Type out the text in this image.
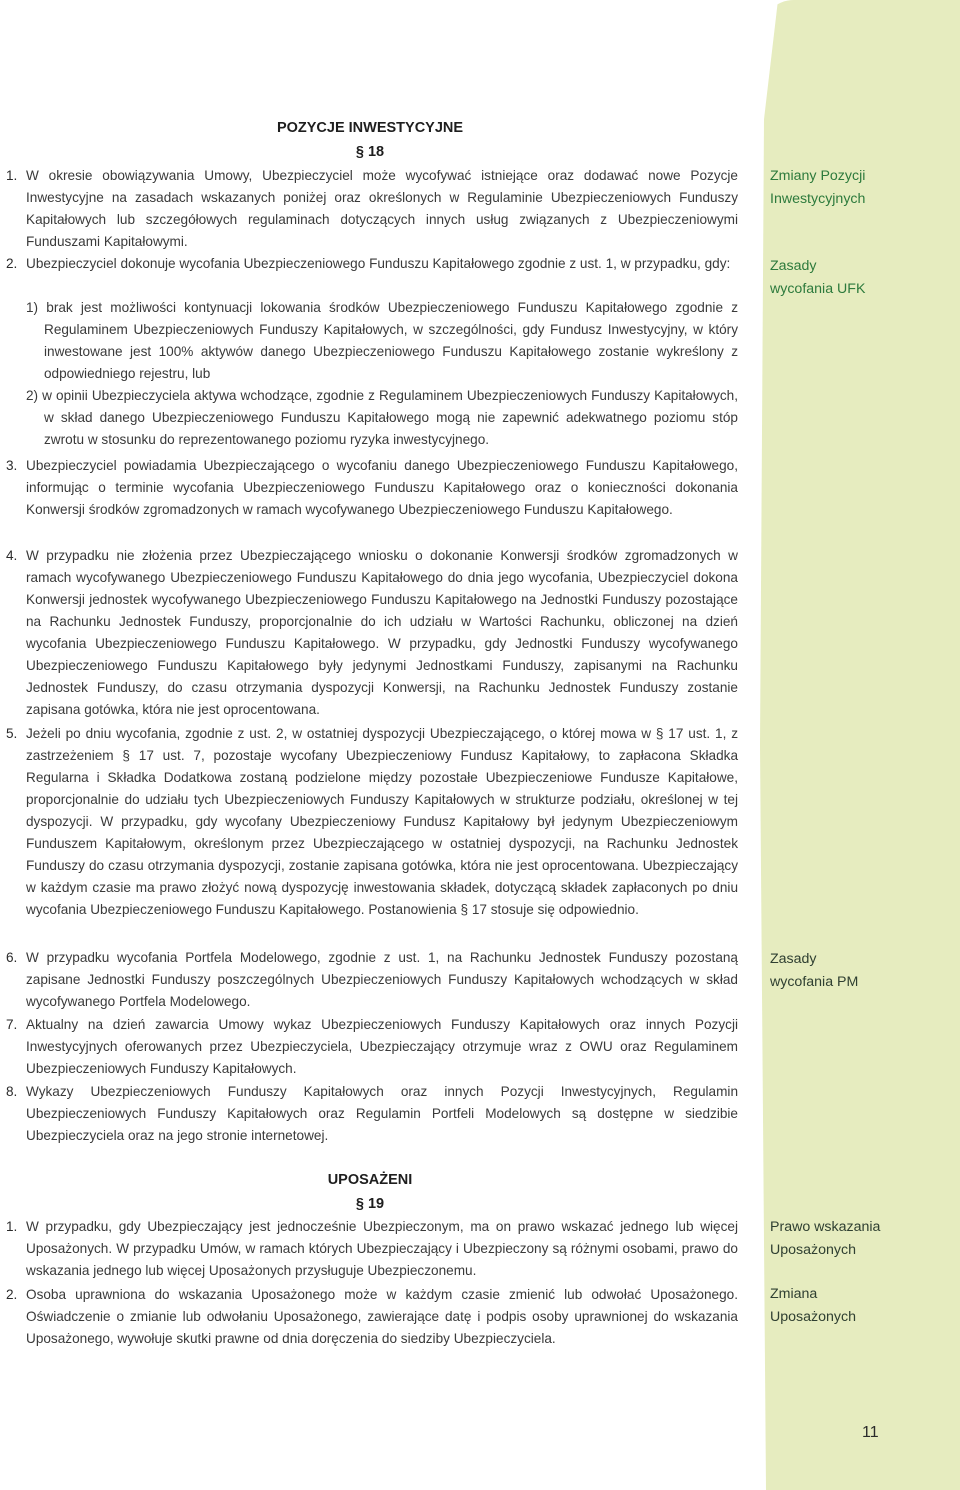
POZYCJE INWESTYCYJNE
§ 18
1. W okresie obowiązywania Umowy, Ubezpieczyciel może wycofywać istniejące oraz dodawać nowe Pozycje Inwestycyjne na zasadach wskazanych poniżej oraz określonych w Regulaminie Ubezpieczeniowych Funduszy Kapitałowych lub szczegółowych regulaminach dotyczących innych usług związanych z Ubezpieczeniowymi Funduszami Kapitałowymi.
2. Ubezpieczyciel dokonuje wycofania Ubezpieczeniowego Funduszu Kapitałowego zgodnie z ust. 1, w przypadku, gdy:
1) brak jest możliwości kontynuacji lokowania środków Ubezpieczeniowego Funduszu Kapitałowego zgodnie z Regulaminem Ubezpieczeniowych Funduszy Kapitałowych, w szczególności, gdy Fundusz Inwestycyjny, w który inwestowane jest 100% aktywów danego Ubezpieczeniowego Funduszu Kapitałowego zostanie wykreślony z odpowiedniego rejestru, lub
2) w opinii Ubezpieczyciela aktywa wchodzące, zgodnie z Regulaminem Ubezpieczeniowych Funduszy Kapitałowych, w skład danego Ubezpieczeniowego Funduszu Kapitałowego mogą nie zapewnić adekwatnego poziomu stóp zwrotu w stosunku do reprezentowanego poziomu ryzyka inwestycyjnego.
3. Ubezpieczyciel powiadamia Ubezpieczającego o wycofaniu danego Ubezpieczeniowego Funduszu Kapitałowego, informując o terminie wycofania Ubezpieczeniowego Funduszu Kapitałowego oraz o konieczności dokonania Konwersji środków zgromadzonych w ramach wycofywanego Ubezpieczeniowego Funduszu Kapitałowego.
4. W przypadku nie złożenia przez Ubezpieczającego wniosku o dokonanie Konwersji środków zgromadzonych w ramach wycofywanego Ubezpieczeniowego Funduszu Kapitałowego do dnia jego wycofania, Ubezpieczyciel dokona Konwersji jednostek wycofywanego Ubezpieczeniowego Funduszu Kapitałowego na Jednostki Funduszy pozostające na Rachunku Jednostek Funduszy, proporcjonalnie do ich udziału w Wartości Rachunku, obliczonej na dzień wycofania Ubezpieczeniowego Funduszu Kapitałowego. W przypadku, gdy Jednostki Funduszy wycofywanego Ubezpieczeniowego Funduszu Kapitałowego były jedynymi Jednostkami Funduszy, zapisanymi na Rachunku Jednostek Funduszy, do czasu otrzymania dyspozycji Konwersji, na Rachunku Jednostek Funduszy zostanie zapisana gotówka, która nie jest oprocentowana.
5. Jeżeli po dniu wycofania, zgodnie z ust. 2, w ostatniej dyspozycji Ubezpieczającego, o której mowa w § 17 ust. 1, z zastrzeżeniem § 17 ust. 7, pozostaje wycofany Ubezpieczeniowy Fundusz Kapitałowy, to zapłacona Składka Regularna i Składka Dodatkowa zostaną podzielone między pozostałe Ubezpieczeniowe Fundusze Kapitałowe, proporcjonalnie do udziału tych Ubezpieczeniowych Funduszy Kapitałowych w strukturze podziału, określonej w tej dyspozycji. W przypadku, gdy wycofany Ubezpieczeniowy Fundusz Kapitałowy był jedynym Ubezpieczeniowym Funduszem Kapitałowym, określonym przez Ubezpieczającego w ostatniej dyspozycji, na Rachunku Jednostek Funduszy do czasu otrzymania dyspozycji, zostanie zapisana gotówka, która nie jest oprocentowana. Ubezpieczający w każdym czasie ma prawo złożyć nową dyspozycję inwestowania składek, dotyczącą składek zapłaconych po dniu wycofania Ubezpieczeniowego Funduszu Kapitałowego. Postanowienia § 17 stosuje się odpowiednio.
6. W przypadku wycofania Portfela Modelowego, zgodnie z ust. 1, na Rachunku Jednostek Funduszy pozostaną zapisane Jednostki Funduszy poszczególnych Ubezpieczeniowych Funduszy Kapitałowych wchodzących w skład wycofywanego Portfela Modelowego.
7. Aktualny na dzień zawarcia Umowy wykaz Ubezpieczeniowych Funduszy Kapitałowych oraz innych Pozycji Inwestycyjnych oferowanych przez Ubezpieczyciela, Ubezpieczający otrzymuje wraz z OWU oraz Regulaminem Ubezpieczeniowych Funduszy Kapitałowych.
8. Wykazy Ubezpieczeniowych Funduszy Kapitałowych oraz innych Pozycji Inwestycyjnych, Regulamin Ubezpieczeniowych Funduszy Kapitałowych oraz Regulamin Portfeli Modelowych są dostępne w siedzibie Ubezpieczyciela oraz na jego stronie internetowej.
UPOSAŻENI
§ 19
1. W przypadku, gdy Ubezpieczający jest jednocześnie Ubezpieczonym, ma on prawo wskazać jednego lub więcej Uposażonych. W przypadku Umów, w ramach których Ubezpieczający i Ubezpieczony są różnymi osobami, prawo do wskazania jednego lub więcej Uposażonych przysługuje Ubezpieczonemu.
2. Osoba uprawniona do wskazania Uposażonego może w każdym czasie zmienić lub odwołać Uposażonego. Oświadczenie o zmianie lub odwołaniu Uposażonego, zawierające datę i podpis osoby uprawnionej do wskazania Uposażonego, wywołuje skutki prawne od dnia doręczenia do siedziby Ubezpieczyciela.
Zmiany Pozycji
Inwestycyjnych
Zasady
wycofania UFK
Zasady
wycofania PM
Prawo wskazania
Uposażonych
Zmiana
Uposażonych
11
